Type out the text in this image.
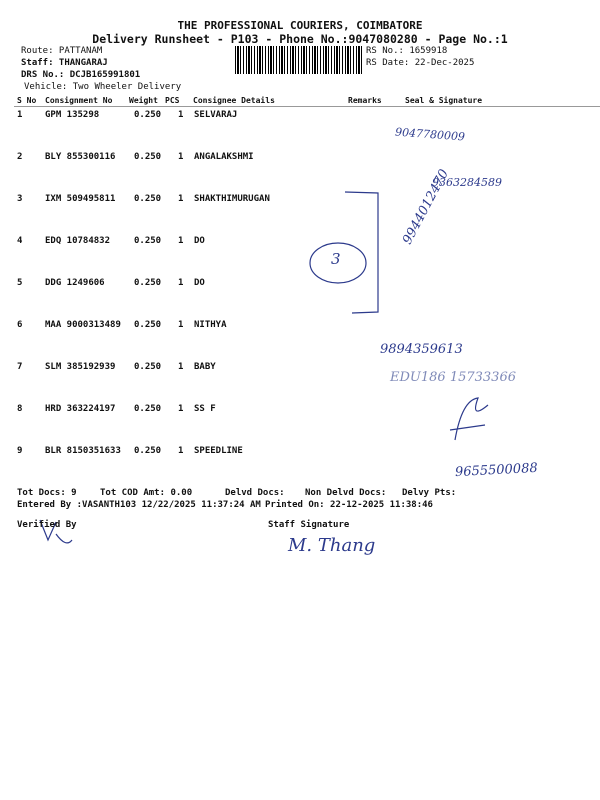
THE PROFESSIONAL COURIERS, COIMBATORE
Delivery Runsheet - P103 - Phone No.:9047080280 - Page No.:1
Route: PATTANAM
Staff: THANGARAJ
DRS No.: DCJB165991801
Vehicle: Two Wheeler Delivery
RS No.: 1659918
RS Date: 22-Dec-2025
S No Consignment No Weight PCS Consignee Details	Remarks	Seal & Signature
1	GPM 135298	0.250 1 SELVARAJ
2	BLY 855300116 0.250 1 ANGALAKSHMI
3	IXM 509495811 0.250 1 SHAKTHIMURUGAN
4	EDQ 10784832	0.250 1 DO
5	DDG 1249606	0.250 1 DO
6	MAA 9000313489 0.250 1 NITHYA
7	SLM 385192939 0.250 1 BABY
8	HRD 363224197 0.250 1 SS F
9	BLR 8150351633 0.250 1 SPEEDLINE
9047780009
9363284589
9944012470
3
9894359613
EDU186 15733366
9655500088
Tot Docs: 9	Tot COD Amt: 0.00	Delvd Docs: Non Delvd Docs: Delvy Pts:
Entered By :VASANTH103 12/22/2025 11:37:24 AM Printed On: 22-12-2025 11:38:46
Verified By	Staff Signature
M. Thang
